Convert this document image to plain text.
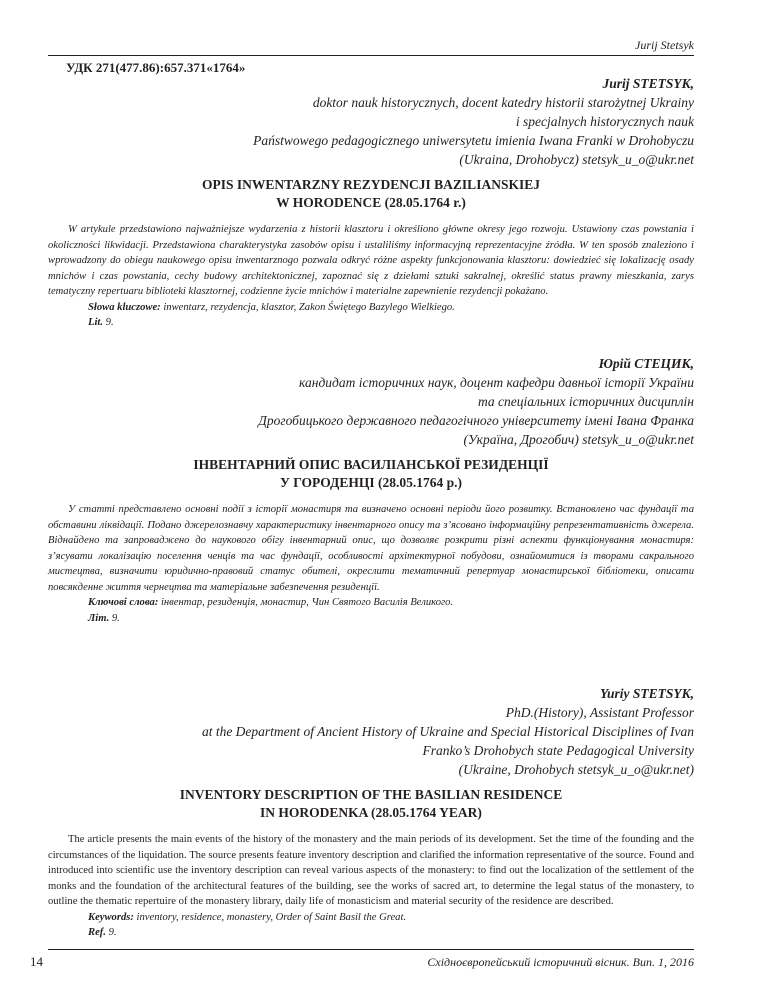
Jurij Stetsyk
УДК 271(477.86):657.371«1764»
Jurij STETSYK,
doktor nauk historycznych, docent katedry historii starożytnej Ukrainy
i specjalnych historycznych nauk
Państwowego pedagogicznego uniwersytetu imienia Iwana Franki w Drohobyczu
(Ukraina, Drohobycz) stetsyk_u_o@ukr.net
OPIS INWENTARZNY REZYDENCJI BAZILIANSKIEJ
W HORODENCE (28.05.1764 r.)

W artykule przedstawiono najważniejsze wydarzenia z historii klasztoru i określiono główne okresy jego rozwoju. Ustawiony czas powstania i okoliczności likwidacji. Przedstawiona charakterystyka zasobów opisu i ustaliliśmy informacyjną reprezentacyjne źródła. W ten sposób znaleziono i wprowadzony do obiegu naukowego opisu inwentarznogo pozwala odkryć różne aspekty funkcjonowania klasztoru: dowiedzieć się lokalizację osady mnichów i czas powstania, cechy budowy architektonicznej, zapoznać się z dziełami sztuki sakralnej, określić status prawny mieszkania, zarys tematyczny repertuaru biblioteki klasztornej, codzienne życie mnichów i materialne zapewnienie rezydencji pokażano.

Słowa kluczowe: inwentarz, rezydencja, klasztor, Zakon Świętego Bazylego Wielkiego.

Lit. 9.

Юрій СТЕЦИК,
кандидат історичних наук, доцент кафедри давньої історії України
та спеціальних історичних дисциплін
Дрогобицького державного педагогічного університету імені Івана Франка
(Україна, Дрогобич) stetsyk_u_o@ukr.net
ІНВЕНТАРНИЙ ОПИС ВАСИЛІАНСЬКОЇ РЕЗИДЕНЦІЇ
У ГОРОДЕНЦІ (28.05.1764 р.)

У статті представлено основні події з історії монастиря та визначено основні періоди його розвитку. Встановлено час фундації та обставини ліквідації. Подано джерелознавчу характеристику інвентарного опису та з’ясовано інформаційну репрезентативність джерела. Віднайдено та запроваджено до наукового обігу інвентарний опис, що дозволяє розкрити різні аспекти функціонування монастиря: з’ясувати локалізацію поселення ченців та час фундації, особливості архітектурної побудови, ознайомитися із творами сакрального мистецтва, визначити юридично-правовий статус обителі, окреслити тематичний репертуар монастирської бібліотеки, описати повсякденне життя чернецтва та матеріальне забезпечення резиденції.

Ключові слова: інвентар, резиденція, монастир, Чин Святого Василія Великого.

Літ. 9.

Yuriy STETSYK,
PhD.(History), Assistant Professor
at the Department of Ancient History of Ukraine and Special Historical Disciplines of Ivan
Franko’s Drohobych state Pedagogical University
(Ukraine, Drohobych stetsyk_u_o@ukr.net)
INVENTORY DESCRIPTION OF THE BASILIAN RESIDENCE
IN HORODENKA (28.05.1764 YEAR)

The article presents the main events of the history of the monastery and the main periods of its development. Set the time of the founding and the circumstances of the liquidation. The source presents feature inventory description and clarified the information representative of the source. Found and introduced into scientific use the inventory description can reveal various aspects of the monastery: to find out the localization of the settlement of the monks and the foundation of the architectural features of the building, see the works of sacred art, to determine the legal status of the monastery, to outline the thematic repertuire of the monastery library, daily life of monasticism and material security of the residence are described.

Keywords: inventory, residence, monastery, Order of Saint Basil the Great.

Ref. 9.

14	Східноєвропейський історичний вісник. Вип. 1, 2016
